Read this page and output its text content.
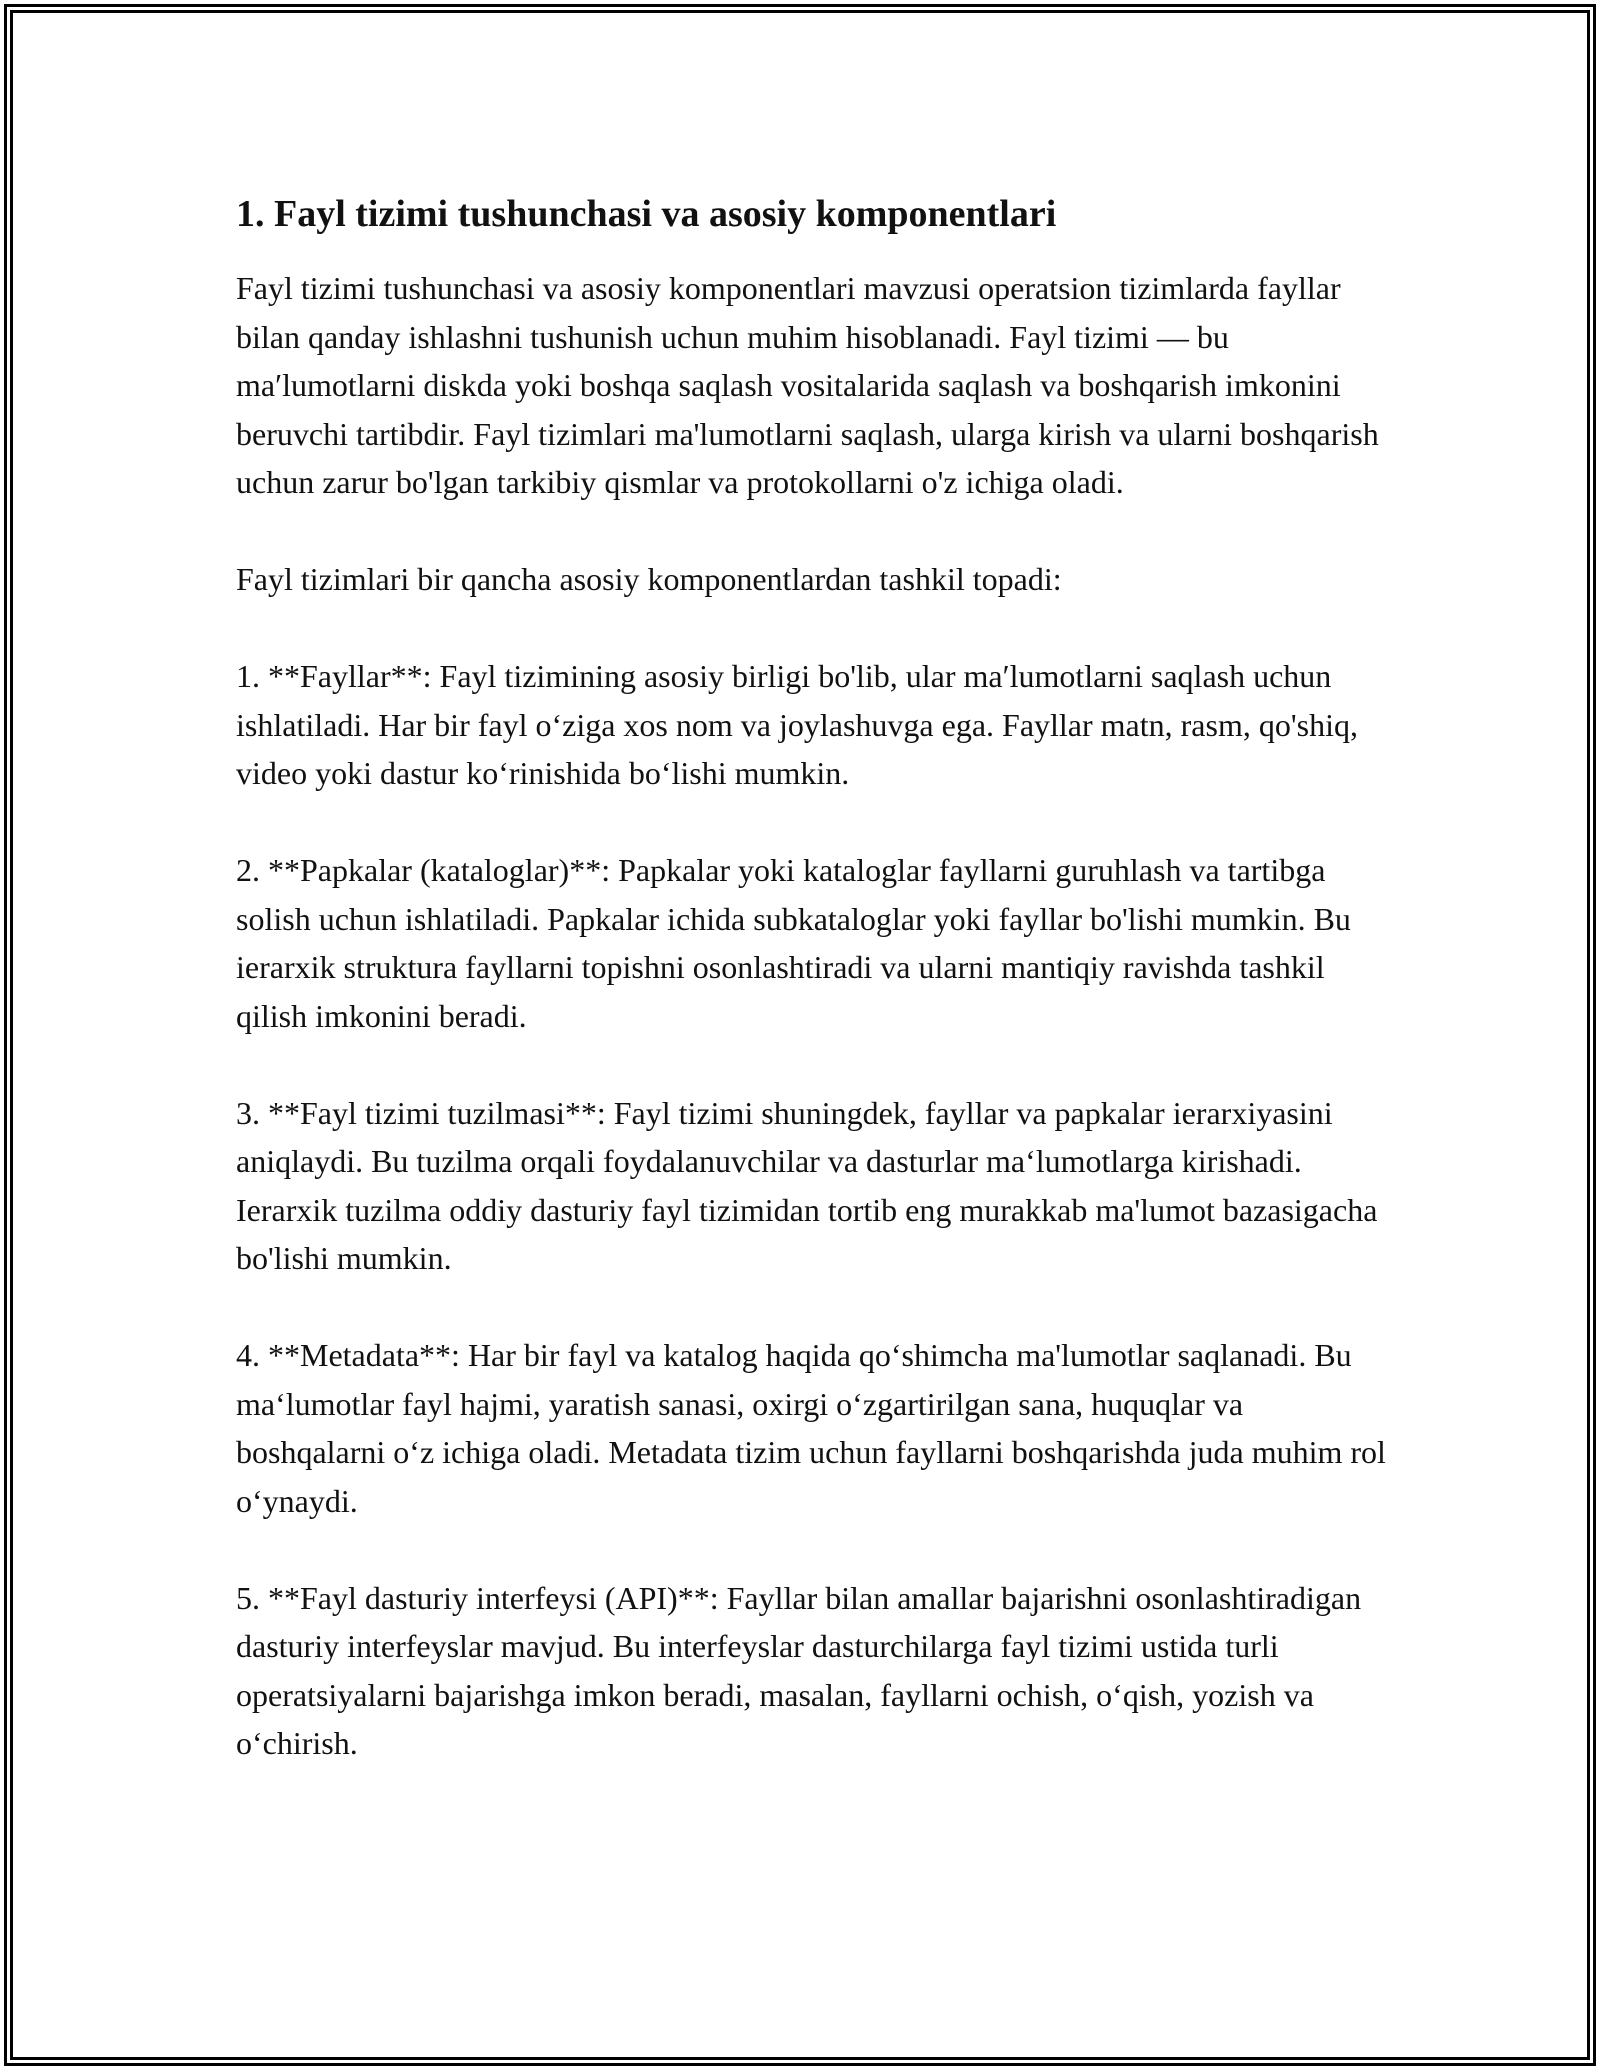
1. Fayl tizimi tushunchasi va asosiy komponentlari

Fayl tizimi tushunchasi va asosiy komponentlari mavzusi operatsion tizimlarda fayllar bilan qanday ishlashni tushunish uchun muhim hisoblanadi. Fayl tizimi — bu ma′lumotlarni diskda yoki boshqa saqlash vositalarida saqlash va boshqarish imkonini beruvchi tartibdir. Fayl tizimlari ma'lumotlarni saqlash, ularga kirish va ularni boshqarish uchun zarur bo'lgan tarkibiy qismlar va protokollarni o'z ichiga oladi.

Fayl tizimlari bir qancha asosiy komponentlardan tashkil topadi:

1. **Fayllar**: Fayl tizimining asosiy birligi bo'lib, ular ma′lumotlarni saqlash uchun ishlatiladi. Har bir fayl o‘ziga xos nom va joylashuvga ega. Fayllar matn, rasm, qo'shiq, video yoki dastur ko‘rinishida bo‘lishi mumkin.

2. **Papkalar (kataloglar)**: Papkalar yoki kataloglar fayllarni guruhlash va tartibga solish uchun ishlatiladi. Papkalar ichida subkataloglar yoki fayllar bo'lishi mumkin. Bu ierarxik struktura fayllarni topishni osonlashtiradi va ularni mantiqiy ravishda tashkil qilish imkonini beradi.

3. **Fayl tizimi tuzilmasi**: Fayl tizimi shuningdek, fayllar va papkalar ierarxiyasini aniqlaydi. Bu tuzilma orqali foydalanuvchilar va dasturlar ma‘lumotlarga kirishadi. Ierarxik tuzilma oddiy dasturiy fayl tizimidan tortib eng murakkab ma'lumot bazasigacha bo'lishi mumkin.

4. **Metadata**: Har bir fayl va katalog haqida qo‘shimcha ma'lumotlar saqlanadi. Bu ma‘lumotlar fayl hajmi, yaratish sanasi, oxirgi o‘zgartirilgan sana, huquqlar va boshqalarni o‘z ichiga oladi. Metadata tizim uchun fayllarni boshqarishda juda muhim rol o‘ynaydi.

5. **Fayl dasturiy interfeysi (API)**: Fayllar bilan amallar bajarishni osonlashtiradigan dasturiy interfeyslar mavjud. Bu interfeyslar dasturchilarga fayl tizimi ustida turli operatsiyalarni bajarishga imkon beradi, masalan, fayllarni ochish, o‘qish, yozish va o‘chirish.
